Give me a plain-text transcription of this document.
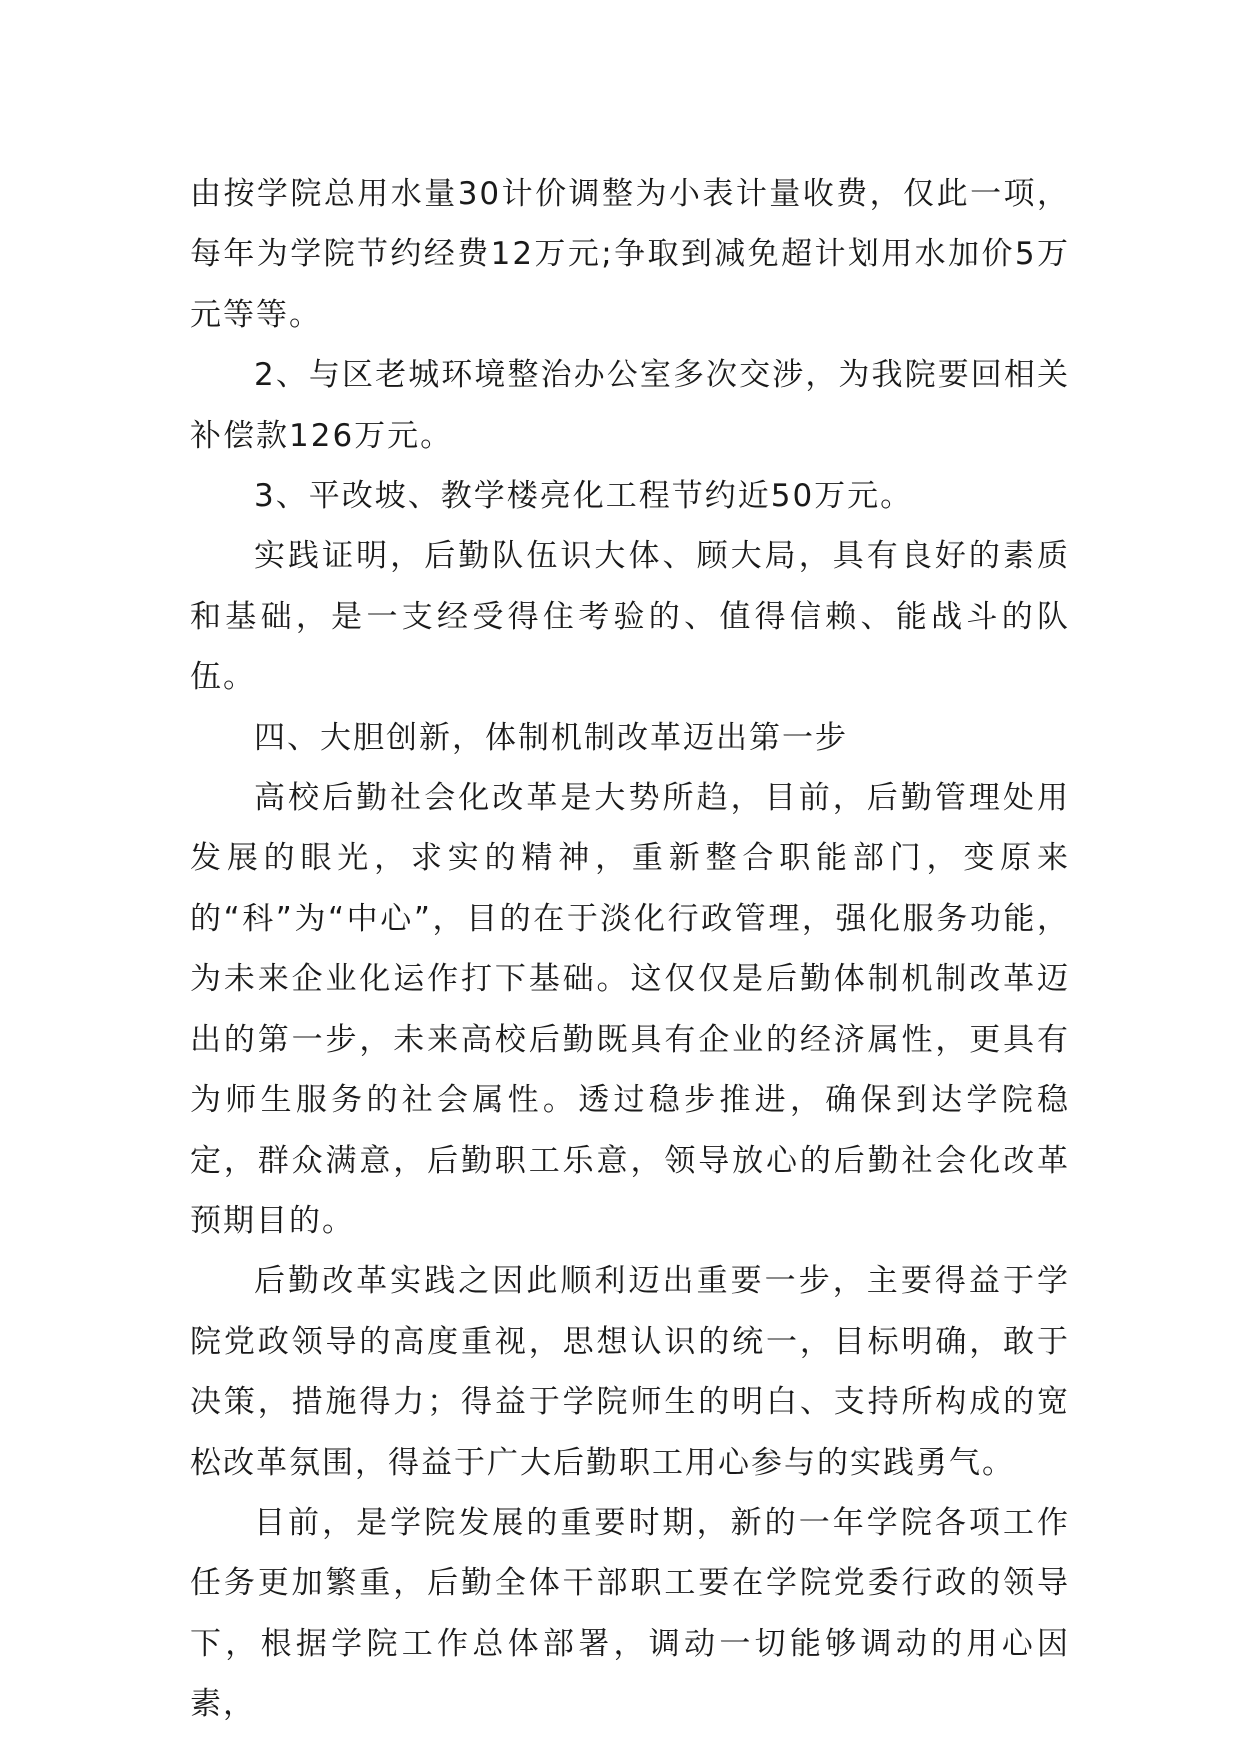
由按学院总用水量30计价调整为小表计量收费，仅此一项，每年为学院节约经费12万元;争取到减免超计划用水加价5万元等等。

2、与区老城环境整治办公室多次交涉，为我院要回相关补偿款126万元。

3、平改坡、教学楼亮化工程节约近50万元。

实践证明，后勤队伍识大体、顾大局，具有良好的素质和基础，是一支经受得住考验的、值得信赖、能战斗的队伍。

四、大胆创新，体制机制改革迈出第一步

高校后勤社会化改革是大势所趋，目前，后勤管理处用发展的眼光，求实的精神，重新整合职能部门，变原来的“科”为“中心”，目的在于淡化行政管理，强化服务功能，为未来企业化运作打下基础。这仅仅是后勤体制机制改革迈出的第一步，未来高校后勤既具有企业的经济属性，更具有为师生服务的社会属性。透过稳步推进，确保到达学院稳定，群众满意，后勤职工乐意，领导放心的后勤社会化改革预期目的。

后勤改革实践之因此顺利迈出重要一步，主要得益于学院党政领导的高度重视，思想认识的统一，目标明确，敢于决策，措施得力；得益于学院师生的明白、支持所构成的宽松改革氛围，得益于广大后勤职工用心参与的实践勇气。

目前，是学院发展的重要时期，新的一年学院各项工作任务更加繁重，后勤全体干部职工要在学院党委行政的领导下，根据学院工作总体部署，调动一切能够调动的用心因素，
